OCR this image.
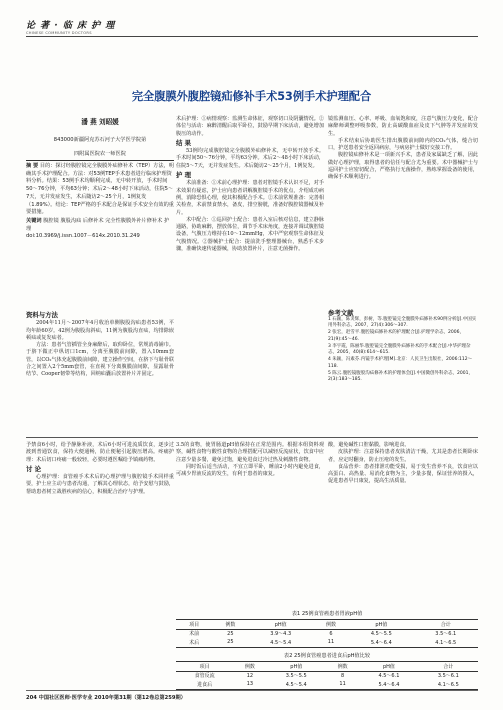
论 著 · 临 床 护 理
CHINESE COMMUNITY DOCTORS
完全腹膜外腹腔镜疝修补手术53例手术护理配合
潘 燕 刘昭媛
843000新疆阿克苏石河子大学医学院第
四附属医院农一师医院
摘 要 目的：探讨经腹腔镜完全腹膜外疝修补术（TEP）方法，明确其手术护理配合。方法：对53例TEP手术患者进行临床护理资料分析。结果：53例手术均顺利完成，无中转开放，手术时间50～76分钟，平均63分钟；术后2～48小时下床活动，住院5～7天，无并发症发生，术后随访2～25个月，1例复发（1.89%）。结论：TEP严格的手术配合是保证手术安全有效的重要措施。
关键词 腹腔镜 腹股沟疝 后修补术 完全性腹膜外补片修补术 护理
doi:10.3969/j.issn.1007－614x.2010.31.249
资料与方法

2004年11月～2007年4月收治单侧腹股沟疝患者53例，平均年龄60岁。42例为腹股沟斜疝，11例为腹股沟直疝，均排除嵌顿疝或复发疝者。

方法：患者气管插管全身麻醉后，取仰卧位，常规消毒铺巾。于脐下做正中纵切口1cm，分离至腹膜前间隙，置入10mm套管，以CO₂气体充起腹膜前间隙，建立操作空间，在脐下与耻骨联合之间置入2个5mm套管，在直视下分离腹膜前间隙，显露耻骨结节、Cooper韧带等结构，回纳疝囊后放置补片并固定。

术后护理：①病情观察：监测生命体征，观察切口及阴囊情况。②体位与活动：麻醉清醒后取平卧位，鼓励早期下床活动，避免增加腹压的动作。

结 果

53例均完成腹腔镜完全腹膜外疝修补术，无中转开放手术。手术时间50～76分钟，平均63分钟。术后2～48小时下床活动，住院5～7天，无并发症发生。术后随访2～25个月，1例复发。

护 理

术前准备：①术前心理护理：患者对腔镜手术认识不足，对手术效果有疑虑，护士应向患者讲解腹腔镜手术的优点，介绍成功病例，消除恐惧心理，使其积极配合手术。②术前常规准备：完善相关检查，术前禁食禁水，备皮，排空膀胱，准备好腹腔镜器械及补片。

术中配合：①巡回护士配合：患者入室后核对信息，建立静脉通路，协助麻醉，摆放体位，调节手术床角度，连接并调试腹腔镜设备，气腹压力维持在10～12mmHg，术中严密观察生命体征及气腹情况。②器械护士配合：提前洗手整理器械台，熟悉手术步骤，准确快速传递器械，协助放置补片，注意无菌操作。

镜监测血压、心率、呼吸、血氧饱和度，注意气腹压力变化，配合麻醉师调整呼吸参数，防止高碳酸血症及皮下气肿等并发症的发生。

手术结束后协助医生排出腹膜前间隙内的CO₂气体，缝合切口，护送患者安全返回病房，与病房护士做好交接工作。

腹腔镜疝修补术是一项新兴手术，患者及家属缺乏了解，因此做好心理护理，取得患者的信任与配合尤为重要。术中器械护士与巡回护士应密切配合，严格执行无菌操作，熟练掌握设备的使用，确保手术顺利进行。

参考文献
1 石颖，陈炎辉，彭树，等.腹腔镜完全腹膜外疝修补术90例分析[J].中国实用外科杂志，2007，27(4):306～307.
2 张宏，赵雪平.腹腔镜疝修补术的护理配合[J].护理学杂志，2006，21(9):45～46.
3 李宇霞，陈丽华.腹腔镜完全腹膜外疝修补术的手术配合[J].中华护理杂志，2005，40(8):614～615.
4 朱颖，冯素芬.内镜手术护理[M].北京：人民卫生出版社，2006:112～118.
5 陈云.腹腔镜腹股沟疝修补术的护理体会[J].中国微创外科杂志，2001，2(3):183～185.

予禁食6小时，给予静脉补液，术后6小时可进流质饮食，逐步过渡到普通饮食，保持大便通畅，防止便秘引起腹压增高。疼痛护理：术后切口疼痛一般较轻，必要时遵医嘱给予镇痛药物。

讨 论

心理护理：食管癌手术术后的心理护理与腹腔镜手术同样重要，护士应主动与患者沟通，了解其心理状态，给予安慰与鼓励，帮助患者树立战胜疾病的信心，积极配合治疗与护理。

3.5的食物，使胃肠道pH值保持在正常范围内。根据本组资料观察，碱性食物与酸性食物的合理搭配可以减轻反流症状，饮食中应注意少量多餐，避免过饱，避免进食过冷过热及刺激性食物。

同时饭后适当活动，不宜立即平卧，睡前2小时内避免进食，可减少胃液反流的发生，有利于患者的康复。

酸，避免碱性口腔黏膜，影响进食。

皮肤护理：注意保持患者皮肤清洁干燥，尤其是患者长期卧床者，应定时翻身，防止压疮的发生。

食品营养：患者排泄功能受损，易于发生营养不良，饮食应以高蛋白、高热量、易消化食物为主，少量多餐，保证营养的摄入，促进患者早日康复，提高生活质量。

表1 25例食管癌患者胃液pH值
项目	例数	pH值	例数	pH值	合计
术前	25	3.9～4.3	6	4.5～5.5	3.5～6.1
术后	25	4.5～5.4	11	5.4～6.4	4.1～6.5
表2 25例食管癌患者进食后pH值比较
项目	例数	pH值	例数	pH值	合计
食管反流	12	3.5～5.5	8	4.5～6.1	3.5～6.1
进食后	13	4.5～5.4	11	5.4～6.4	4.1～6.5
204 中国社区医师·医学专业 2010年第31期（第12卷总第259期）
